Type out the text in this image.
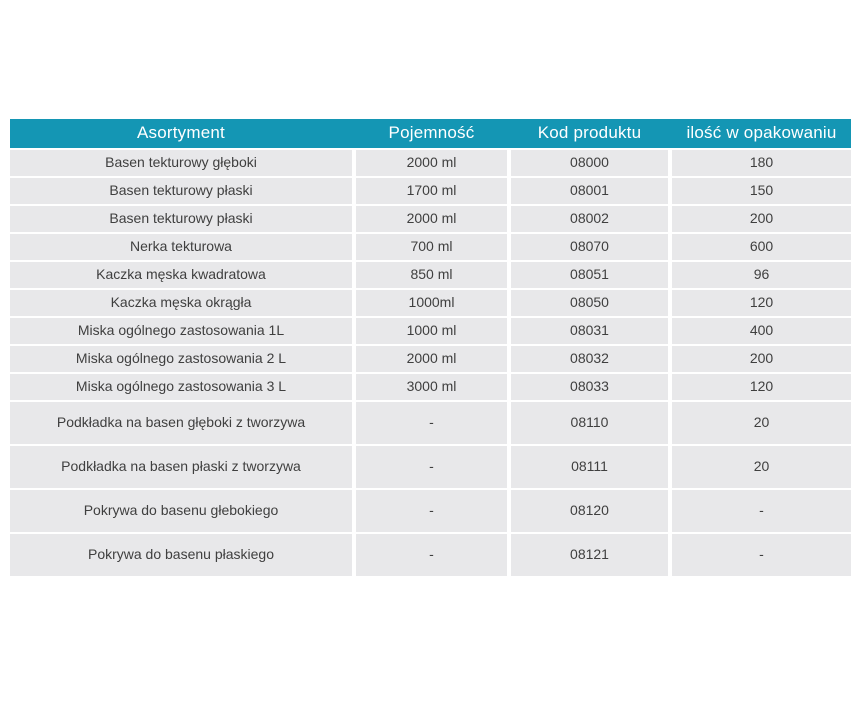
Asortyment	Pojemność	Kod produktu	ilość w opakowaniu
Basen tekturowy głęboki	2000 ml	08000	180
Basen tekturowy płaski	1700 ml	08001	150
Basen tekturowy płaski	2000 ml	08002	200
Nerka tekturowa	700 ml	08070	600
Kaczka męska kwadratowa	850 ml	08051	96
Kaczka męska okrągła	1000ml	08050	120
Miska ogólnego zastosowania 1L	1000 ml	08031	400
Miska ogólnego zastosowania 2 L	2000 ml	08032	200
Miska ogólnego zastosowania 3 L	3000 ml	08033	120
Podkładka na basen głęboki z tworzywa	-	08110	20
Podkładka na basen płaski z tworzywa	-	08111	20
Pokrywa do basenu głebokiego	-	08120	-
Pokrywa do basenu płaskiego	-	08121	-
